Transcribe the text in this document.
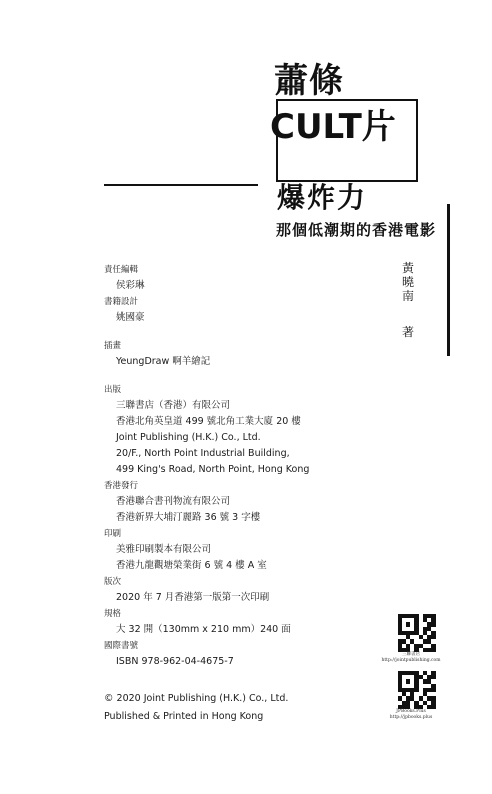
蕭條
CULT片
爆炸力
那個低潮期的香港電影
黃
曉
南
著
責任編輯
侯彩琳
書籍設計
姚國豪
插畫
YeungDraw 啊羊繪記
出版
三聯書店（香港）有限公司
香港北角英皇道 499 號北角工業大廈 20 樓
Joint Publishing (H.K.) Co., Ltd.
20/F., North Point Industrial Building,
499 King's Road, North Point, Hong Kong
香港發行
香港聯合書刊物流有限公司
香港新界大埔汀麗路 36 號 3 字樓
印刷
美雅印刷製本有限公司
香港九龍觀塘榮業街 6 號 4 樓 A 室
版次
2020 年 7 月香港第一版第一次印刷
規格
大 32 開（130mm x 210 mm）240 面
國際書號
ISBN 978-962-04-4675-7
© 2020 Joint Publishing (H.K.) Co., Ltd.
Published & Printed in Hong Kong
三聯書店
http://jointpublishing.com
JPBooks.Plus
http://jpbooks.plus
